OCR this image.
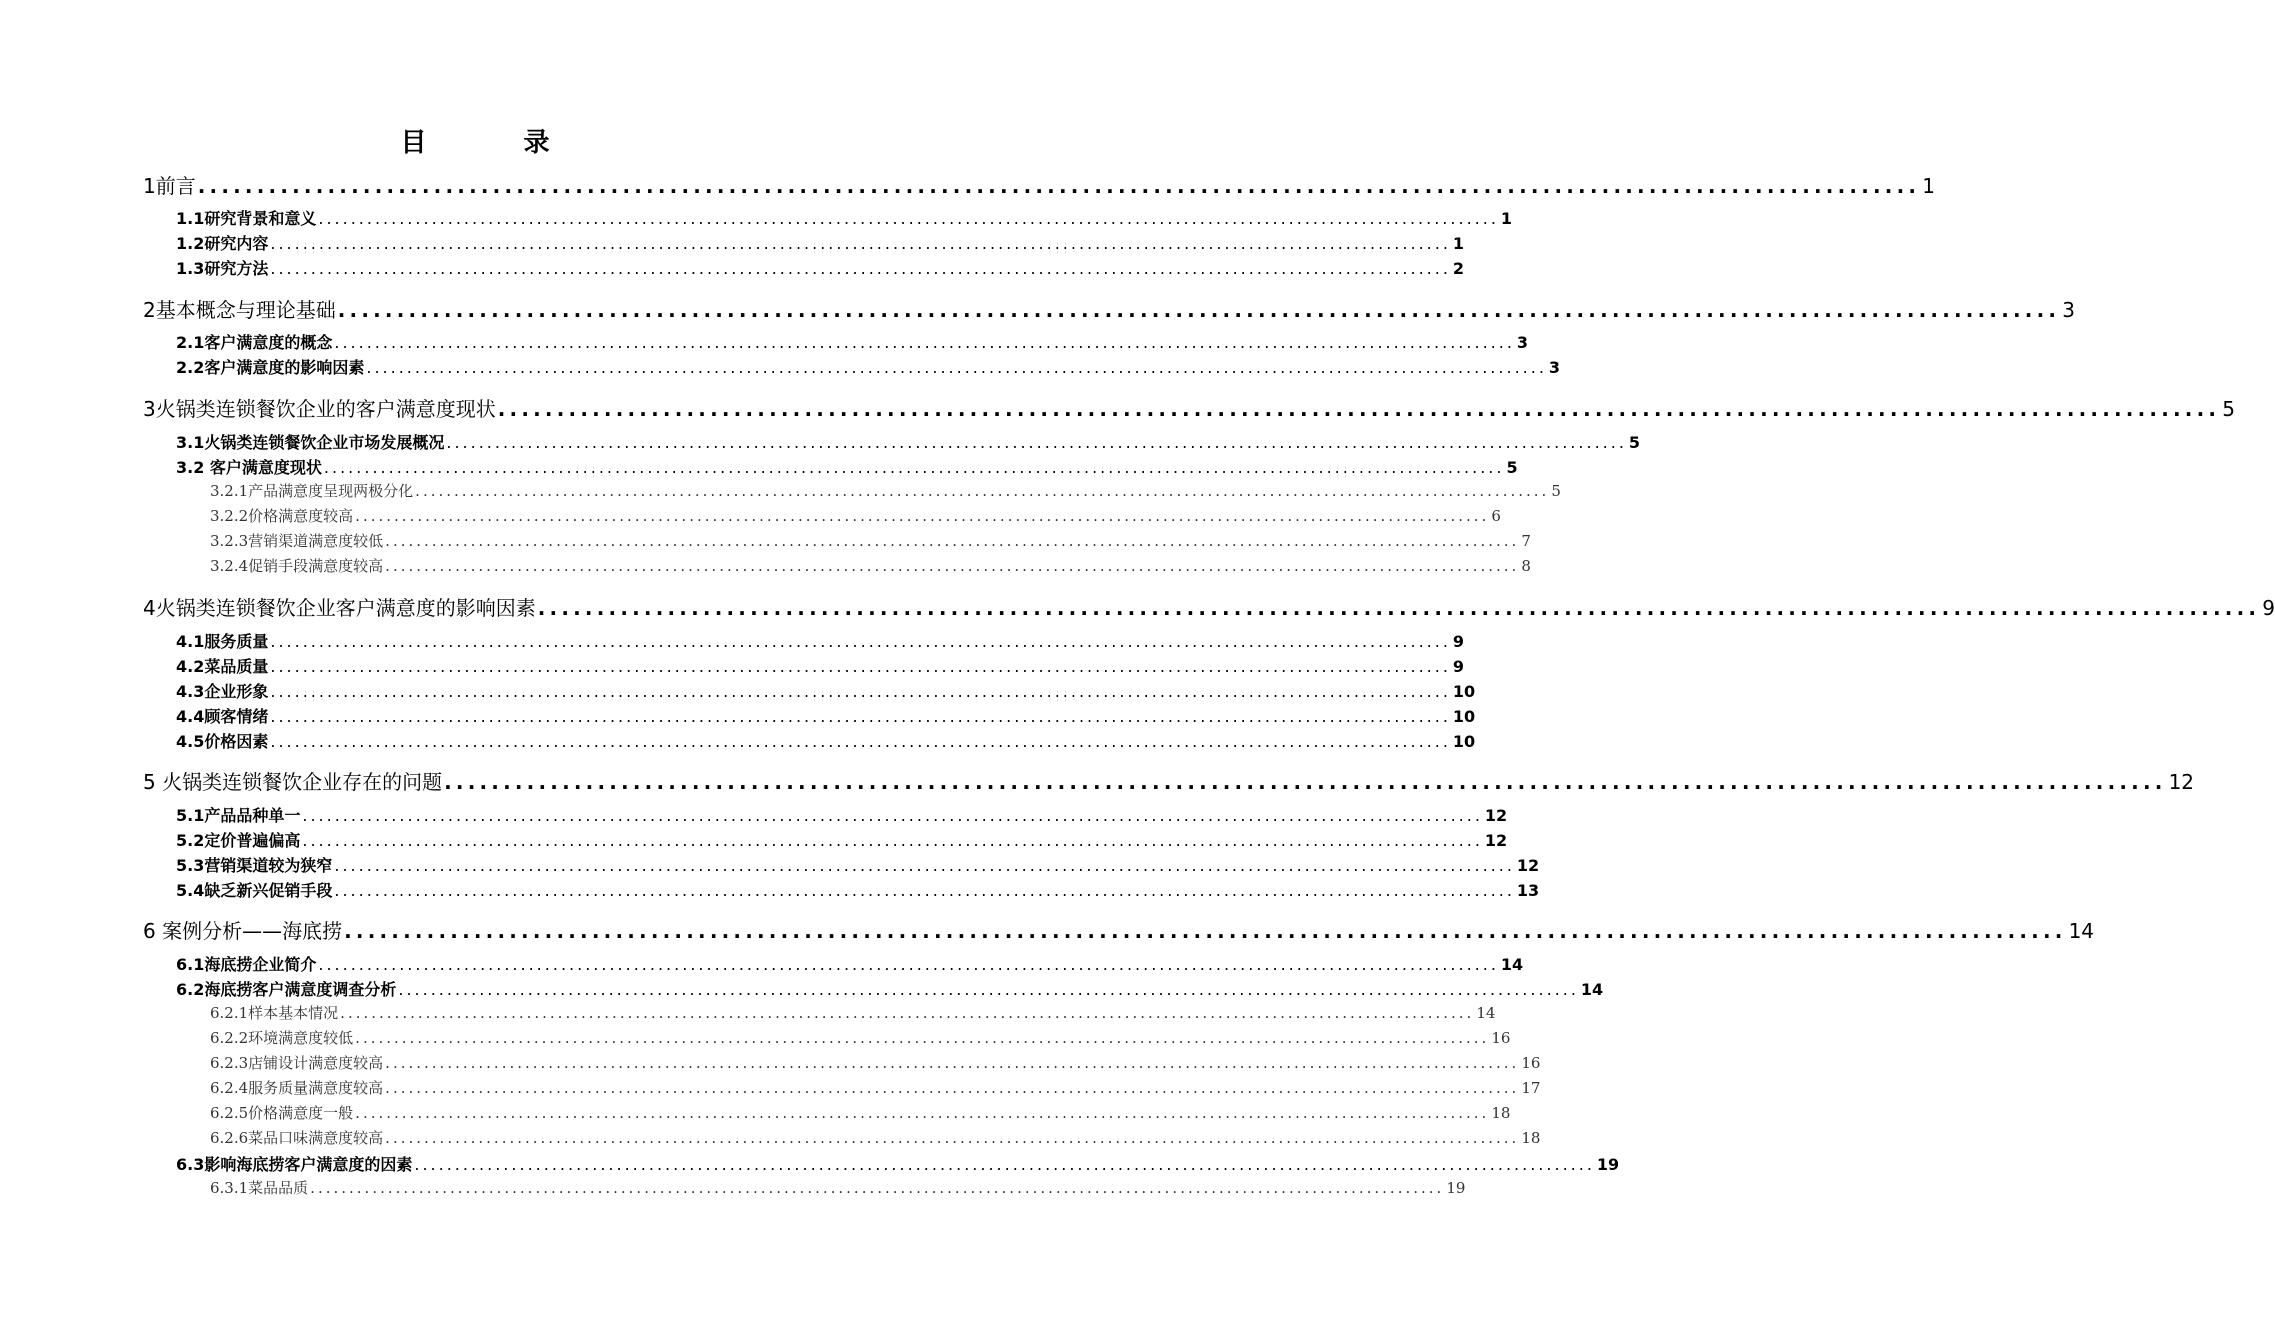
目 录
1前言 .................................................................................................................................................. 1
1.1研究背景和意义 .................................................................................................................................................. 1
1.2研究内容 .................................................................................................................................................. 1
1.3研究方法 .................................................................................................................................................. 2
2基本概念与理论基础 .................................................................................................................................................. 3
2.1客户满意度的概念 .................................................................................................................................................. 3
2.2客户满意度的影响因素 .................................................................................................................................................. 3
3火锅类连锁餐饮企业的客户满意度现状 .................................................................................................................................................. 5
3.1火锅类连锁餐饮企业市场发展概况 .................................................................................................................................................. 5
3.2 客户满意度现状 .................................................................................................................................................. 5
3.2.1产品满意度呈现两极分化 .................................................................................................................................................. 5
3.2.2价格满意度较高 .................................................................................................................................................. 6
3.2.3营销渠道满意度较低 .................................................................................................................................................. 7
3.2.4促销手段满意度较高 .................................................................................................................................................. 8
4火锅类连锁餐饮企业客户满意度的影响因素 .................................................................................................................................................. 9
4.1服务质量 .................................................................................................................................................. 9
4.2菜品质量 .................................................................................................................................................. 9
4.3企业形象 .................................................................................................................................................. 10
4.4顾客情绪 .................................................................................................................................................. 10
4.5价格因素 .................................................................................................................................................. 10
5 火锅类连锁餐饮企业存在的问题 .................................................................................................................................................. 12
5.1产品品种单一 .................................................................................................................................................. 12
5.2定价普遍偏高 .................................................................................................................................................. 12
5.3营销渠道较为狭窄 .................................................................................................................................................. 12
5.4缺乏新兴促销手段 .................................................................................................................................................. 13
6 案例分析——海底捞 .................................................................................................................................................. 14
6.1海底捞企业简介 .................................................................................................................................................. 14
6.2海底捞客户满意度调查分析 .................................................................................................................................................. 14
6.2.1样本基本情况 .................................................................................................................................................. 14
6.2.2环境满意度较低 .................................................................................................................................................. 16
6.2.3店铺设计满意度较高 .................................................................................................................................................. 16
6.2.4服务质量满意度较高 .................................................................................................................................................. 17
6.2.5价格满意度一般 .................................................................................................................................................. 18
6.2.6菜品口味满意度较高 .................................................................................................................................................. 18
6.3影响海底捞客户满意度的因素 .................................................................................................................................................. 19
6.3.1菜品品质 .................................................................................................................................................. 19
